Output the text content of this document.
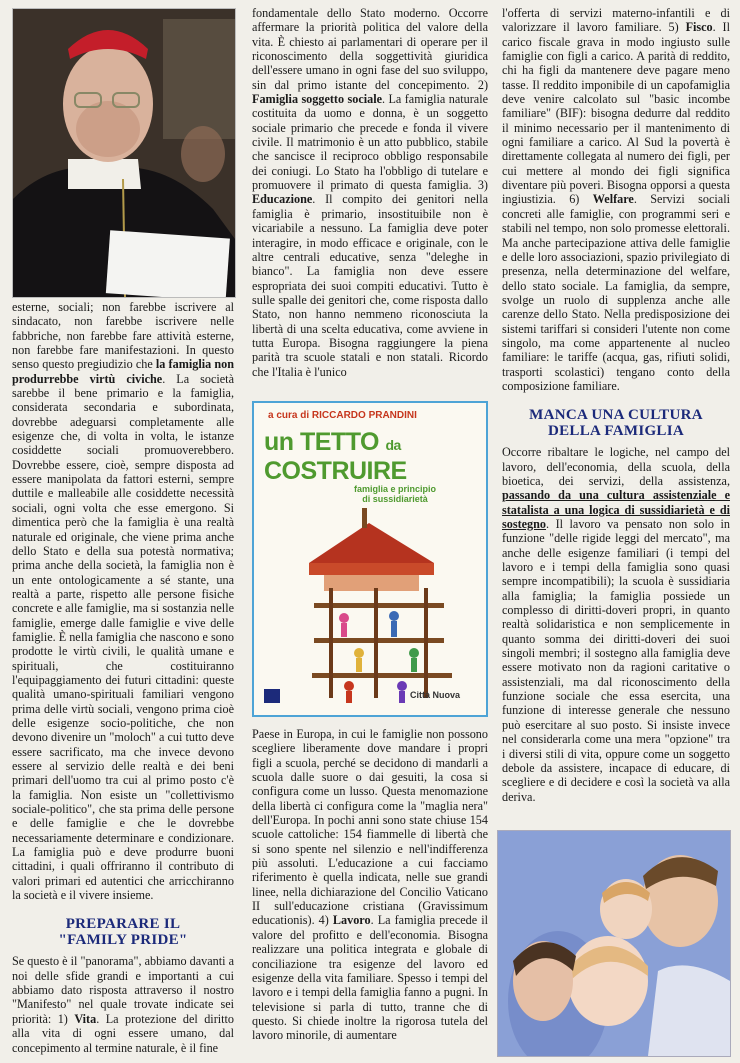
esterne, sociali; non farebbe iscrivere al sindacato, non farebbe iscrivere nelle fabbriche, non farebbe fare attività esterne, non farebbe fare manifestazioni. In questo senso questo pregiudizio che la famiglia non produrrebbe virtù civiche. La società sarebbe il bene primario e la famiglia, considerata secondaria e subordinata, dovrebbe adeguarsi completamente alle esigenze che, di volta in volta, le istanze cosiddette sociali promuoverebbero. Dovrebbe essere, cioè, sempre disposta ad essere manipolata da fattori esterni, sempre duttile e malleabile alle cosiddette necessità sociali, ogni volta che esse emergono. Si dimentica però che la famiglia è una realtà naturale ed originale, che viene prima anche dello Stato e della sua potestà normativa; prima anche della società, la famiglia non è un ente ontologicamente a sé stante, una realtà a parte, rispetto alle persone fisiche concrete e alle famiglie, ma si sostanzia nelle famiglie, emerge dalle famiglie e vive delle famiglie. È nella famiglia che nascono e sono prodotte le virtù civili, le qualità umane e spirituali, che costituiranno l'equipaggiamento dei futuri cittadini: queste qualità umano-spirituali familiari vengono prima delle virtù sociali, vengono prima cioè delle esigenze socio-politiche, che non devono divenire un "moloch" a cui tutto deve essere sacrificato, ma che invece devono essere al servizio delle realtà e dei beni primari dell'uomo tra cui al primo posto c'è la famiglia. Non esiste un "collettivismo sociale-politico", che sta prima delle persone e delle famiglie e che le dovrebbe necessariamente determinare e condizionare. La famiglia può e deve produrre buoni cittadini, i quali offriranno il contributo di valori primari ed autentici che arricchiranno la società e il vivere insieme.

PREPARARE IL
"FAMILY PRIDE"

Se questo è il "panorama", abbiamo davanti a noi delle sfide grandi e importanti a cui abbiamo dato risposta attraverso il nostro "Manifesto" nel quale trovate indicate sei priorità: 1) Vita. La protezione del diritto alla vita di ogni essere umano, dal concepimento al termine naturale, è il fine

fondamentale dello Stato moderno. Occorre affermare la priorità politica del valore della vita. È chiesto ai parlamentari di operare per il riconoscimento della soggettività giuridica dell'essere umano in ogni fase del suo sviluppo, sin dal primo istante del concepimento. 2) Famiglia soggetto sociale. La famiglia naturale costituita da uomo e donna, è un soggetto sociale primario che precede e fonda il vivere civile. Il matrimonio è un atto pubblico, stabile che sancisce il reciproco obbligo responsabile dei coniugi. Lo Stato ha l'obbligo di tutelare e promuovere il primato di questa famiglia. 3) Educazione. Il compito dei genitori nella famiglia è primario, insostituibile non è vicariabile a nessuno. La famiglia deve poter interagire, in modo efficace e originale, con le altre centrali educative, senza "deleghe in bianco". La famiglia non deve essere espropriata dei suoi compiti educativi. Tutto è sulle spalle dei genitori che, come risposta dallo Stato, non hanno nemmeno riconosciuta la libertà di una scelta educativa, come avviene in tutta Europa. Bisogna raggiungere la piena parità tra scuole statali e non statali. Ricordo che l'Italia è l'unico

a cura di RICCARDO PRANDINI
un TETTO da COSTRUIRE
famiglia e principio
di sussidiarietà
Città Nuova

Paese in Europa, in cui le famiglie non possono scegliere liberamente dove mandare i propri figli a scuola, perché se decidono di mandarli a scuola dalle suore o dai gesuiti, la cosa si configura come un lusso. Questa menomazione della libertà ci configura come la "maglia nera" dell'Europa. In pochi anni sono state chiuse 154 scuole cattoliche: 154 fiammelle di libertà che si sono spente nel silenzio e nell'indifferenza più assoluti. L'educazione a cui facciamo riferimento è quella indicata, nelle sue grandi linee, nella dichiarazione del Concilio Vaticano II sull'educazione cristiana (Gravissimum educationis). 4) Lavoro. La famiglia precede il valore del profitto e dell'economia. Bisogna realizzare una politica integrata e globale di conciliazione tra esigenze del lavoro ed esigenze della vita familiare. Spesso i tempi del lavoro e i tempi della famiglia fanno a pugni. In televisione si parla di tutto, tranne che di questo. Si chiede inoltre la rigorosa tutela del lavoro minorile, di aumentare

l'offerta di servizi materno-infantili e di valorizzare il lavoro familiare. 5) Fisco. Il carico fiscale grava in modo ingiusto sulle famiglie con figli a carico. A parità di reddito, chi ha figli da mantenere deve pagare meno tasse. Il reddito imponibile di un capofamiglia deve venire calcolato sul "basic incombe familiare" (BIF): bisogna dedurre dal reddito il minimo necessario per il mantenimento di ogni familiare a carico. Al Sud la povertà è direttamente collegata al numero dei figli, per cui mettere al mondo dei figli significa diventare più poveri. Bisogna opporsi a questa ingiustizia. 6) Welfare. Servizi sociali concreti alle famiglie, con programmi seri e stabili nel tempo, non solo promesse elettorali. Ma anche partecipazione attiva delle famiglie e delle loro associazioni, spazio privilegiato di presenza, nella determinazione del welfare, dello stato sociale. La famiglia, da sempre, svolge un ruolo di supplenza anche alle carenze dello Stato. Nella predisposizione dei sistemi tariffari si consideri l'utente non come singolo, ma come appartenente al nucleo familiare: le tariffe (acqua, gas, rifiuti solidi, trasporti scolastici) tengano conto della composizione familiare.

MANCA UNA CULTURA
DELLA FAMIGLIA

Occorre ribaltare le logiche, nel campo del lavoro, dell'economia, della scuola, della bioetica, dei servizi, della assistenza, passando da una cultura assistenziale e statalista a una logica di sussidiarietà e di sostegno. Il lavoro va pensato non solo in funzione "delle rigide leggi del mercato", ma anche delle esigenze familiari (i tempi del lavoro e i tempi della famiglia sono quasi sempre incompatibili); la scuola è sussidiaria alla famiglia; la famiglia possiede un complesso di diritti-doveri propri, in quanto realtà solidaristica e non semplicemente in quanto somma dei diritti-doveri dei suoi singoli membri; il sostegno alla famiglia deve essere motivato non da ragioni caritative o assistenziali, ma dal riconoscimento della funzione sociale che essa esercita, una funzione di interesse generale che nessuno può esercitare al suo posto. Si insiste invece nel considerarla come una mera "opzione" tra i diversi stili di vita, oppure come un soggetto debole da assistere, incapace di educare, di scegliere e di decidere e così la società va alla deriva.
